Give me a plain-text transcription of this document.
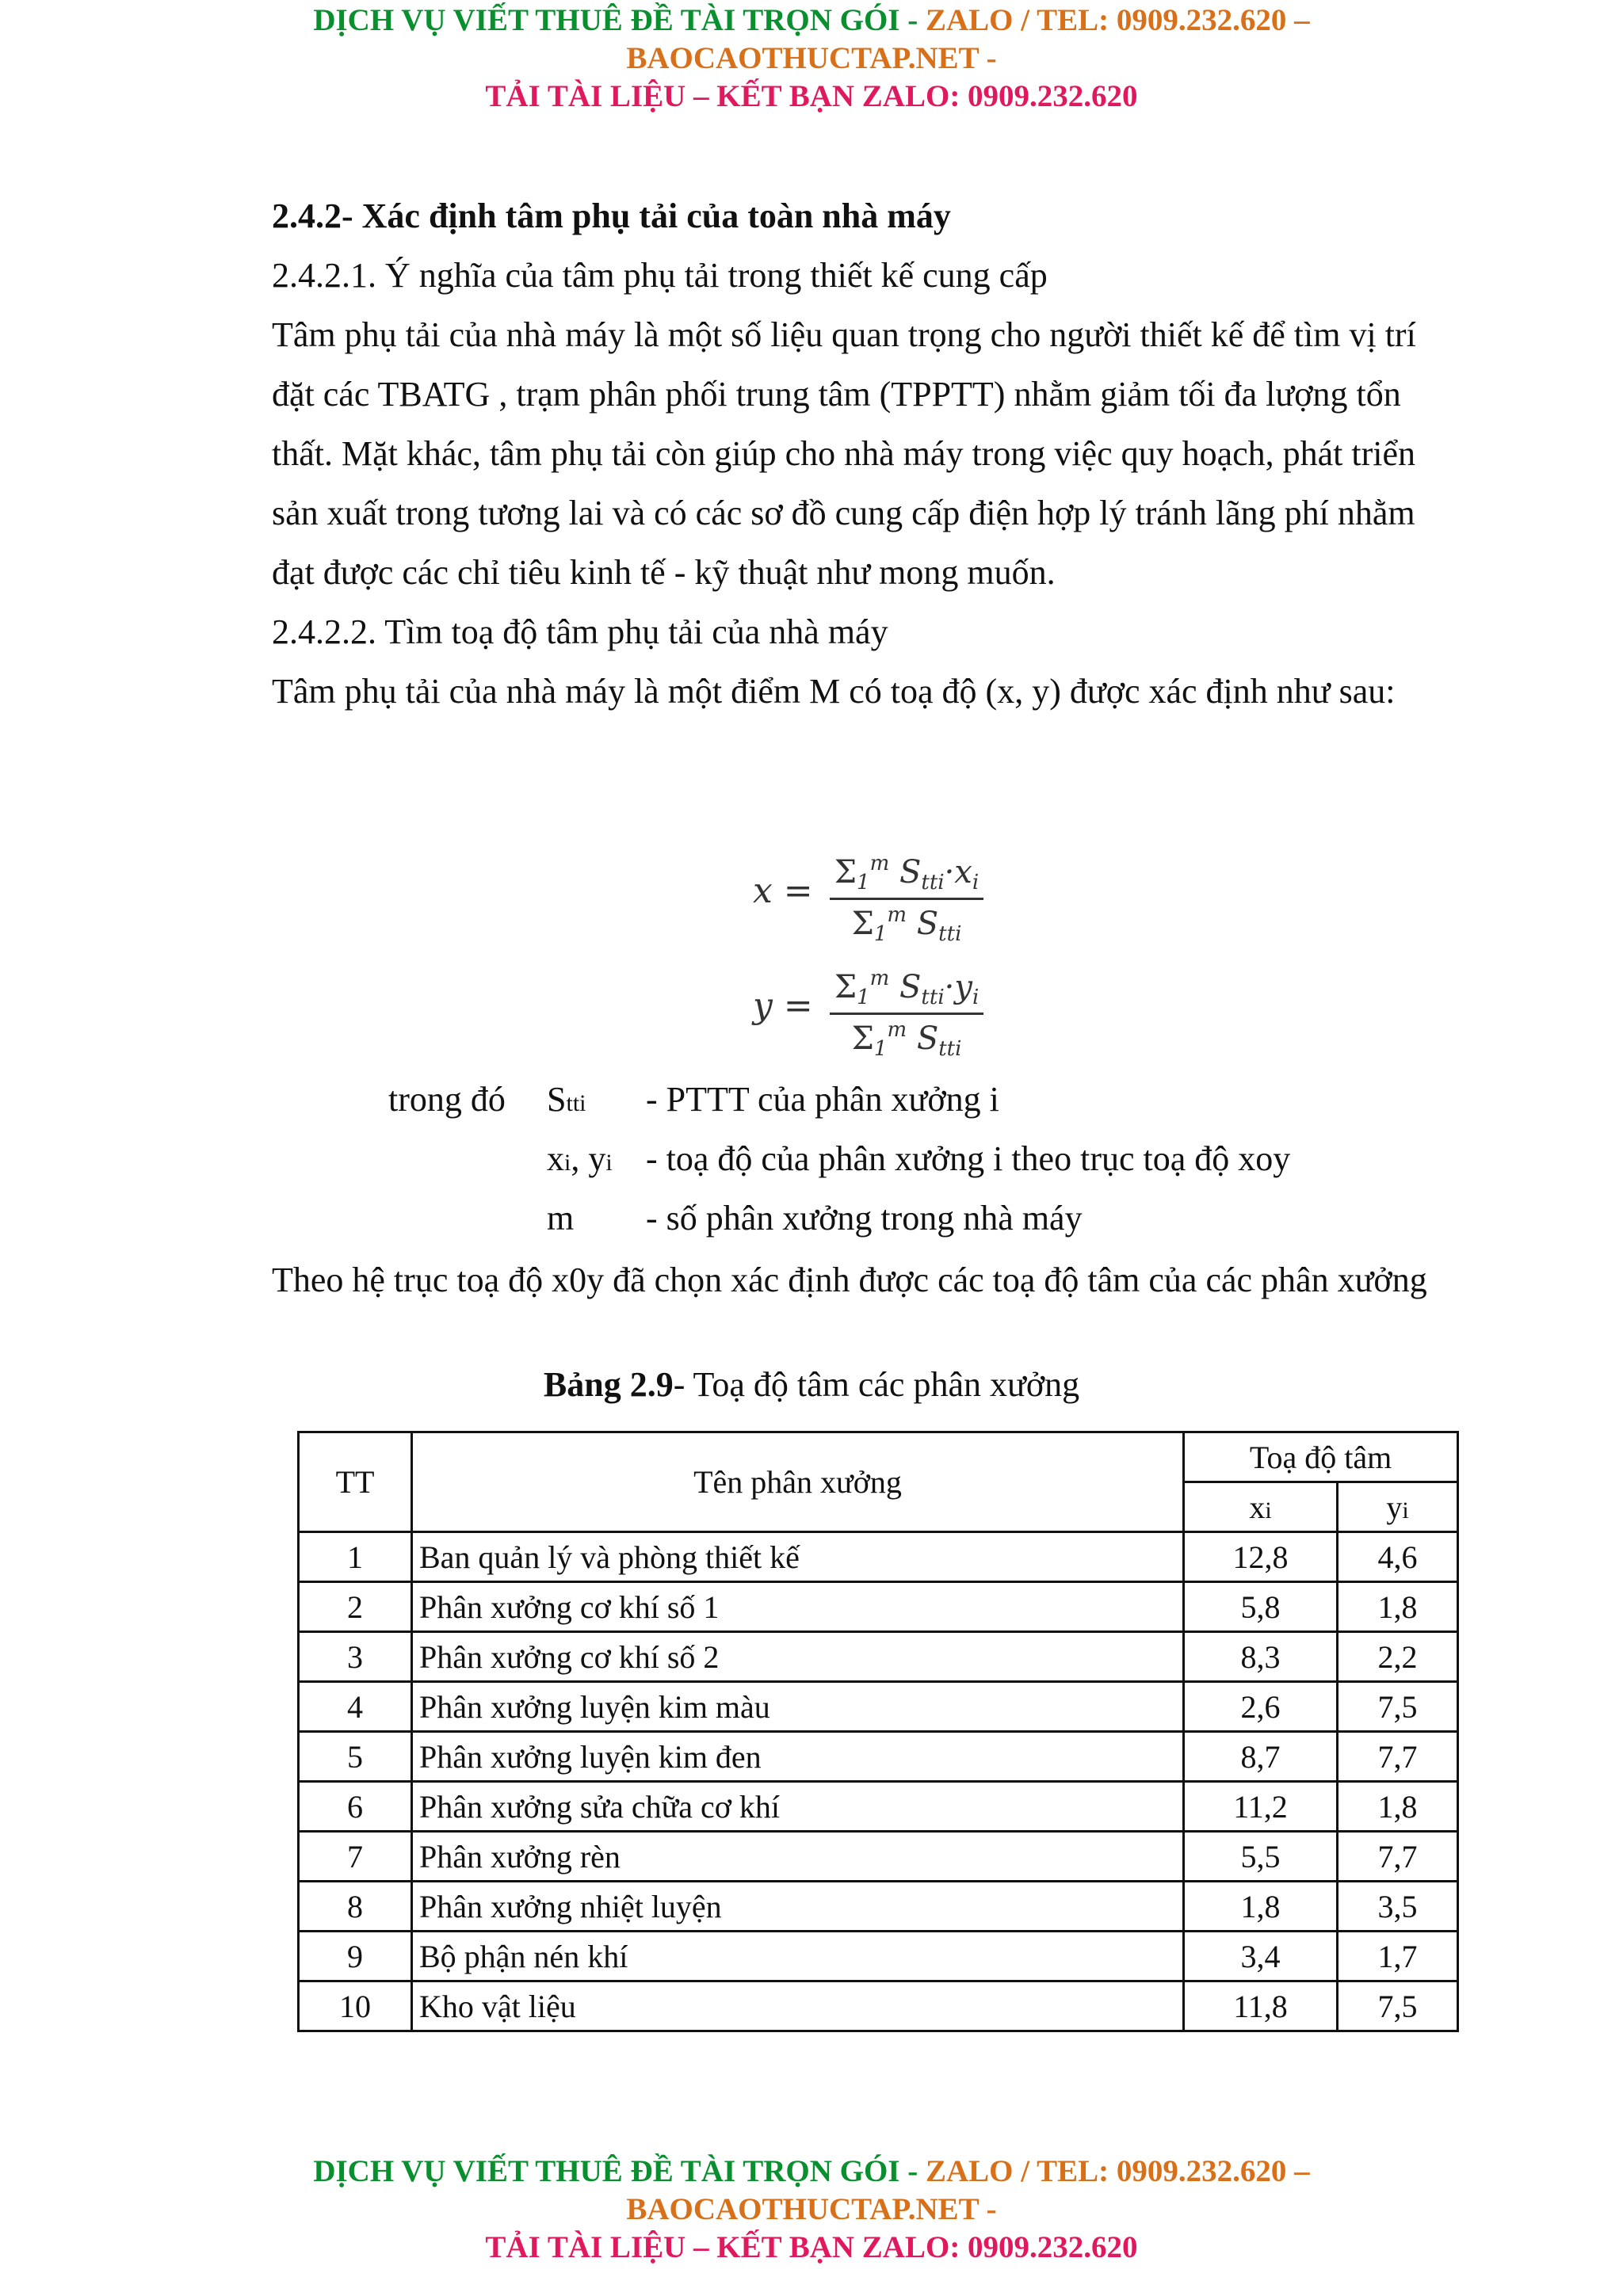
DỊCH VỤ VIẾT THUÊ ĐỀ TÀI TRỌN GÓI - ZALO / TEL: 0909.232.620 –
BAOCAOTHUCTAP.NET -
TẢI TÀI LIỆU – KẾT BẠN ZALO: 0909.232.620

2.4.2- Xác định tâm phụ tải của toàn nhà máy

2.4.2.1. Ý nghĩa của tâm phụ tải trong thiết kế cung cấp

Tâm phụ tải của nhà máy là một số liệu quan trọng cho người thiết kế để tìm vị trí đặt các TBATG , trạm phân phối trung tâm (TPPTT) nhằm giảm tối đa lượng tổn thất. Mặt khác, tâm phụ tải còn giúp cho nhà máy trong việc quy hoạch, phát triển sản xuất trong tương lai và có các sơ đồ cung cấp điện hợp lý tránh lãng phí nhằm đạt được các chỉ tiêu kinh tế - kỹ thuật như mong muốn.

2.4.2.2. Tìm toạ độ tâm phụ tải của nhà máy

Tâm phụ tải của nhà máy là một điểm M có toạ độ (x, y) được xác định như sau:

$x = \frac{\Sigma_1^m S_{tti}\cdot x_i}{\Sigma_1^m S_{tti}}$
$y = \frac{\Sigma_1^m S_{tti}\cdot y_i}{\Sigma_1^m S_{tti}}$
trong đó Stti - PTTT của phân xưởng i
xi, yi - toạ độ của phân xưởng i theo trục toạ độ xoy
m - số phân xưởng trong nhà máy

Theo hệ trục toạ độ x0y đã chọn xác định được các toạ độ tâm của các phân xưởng

Bảng 2.9- Toạ độ tâm các phân xưởng
TT	Tên phân xưởng	Toạ độ tâm	
		xi	yi
1	Ban quản lý và phòng thiết kế	12,8	4,6
2	Phân xưởng cơ khí số 1	5,8	1,8
3	Phân xưởng cơ khí số 2	8,3	2,2
4	Phân xưởng luyện kim màu	2,6	7,5
5	Phân xưởng luyện kim đen	8,7	7,7
6	Phân xưởng sửa chữa cơ khí	11,2	1,8
7	Phân xưởng rèn	5,5	7,7
8	Phân xưởng nhiệt luyện	1,8	3,5
9	Bộ phận nén khí	3,4	1,7
10	Kho vật liệu	11,8	7,5
DỊCH VỤ VIẾT THUÊ ĐỀ TÀI TRỌN GÓI - ZALO / TEL: 0909.232.620 –
BAOCAOTHUCTAP.NET -
TẢI TÀI LIỆU – KẾT BẠN ZALO: 0909.232.620
